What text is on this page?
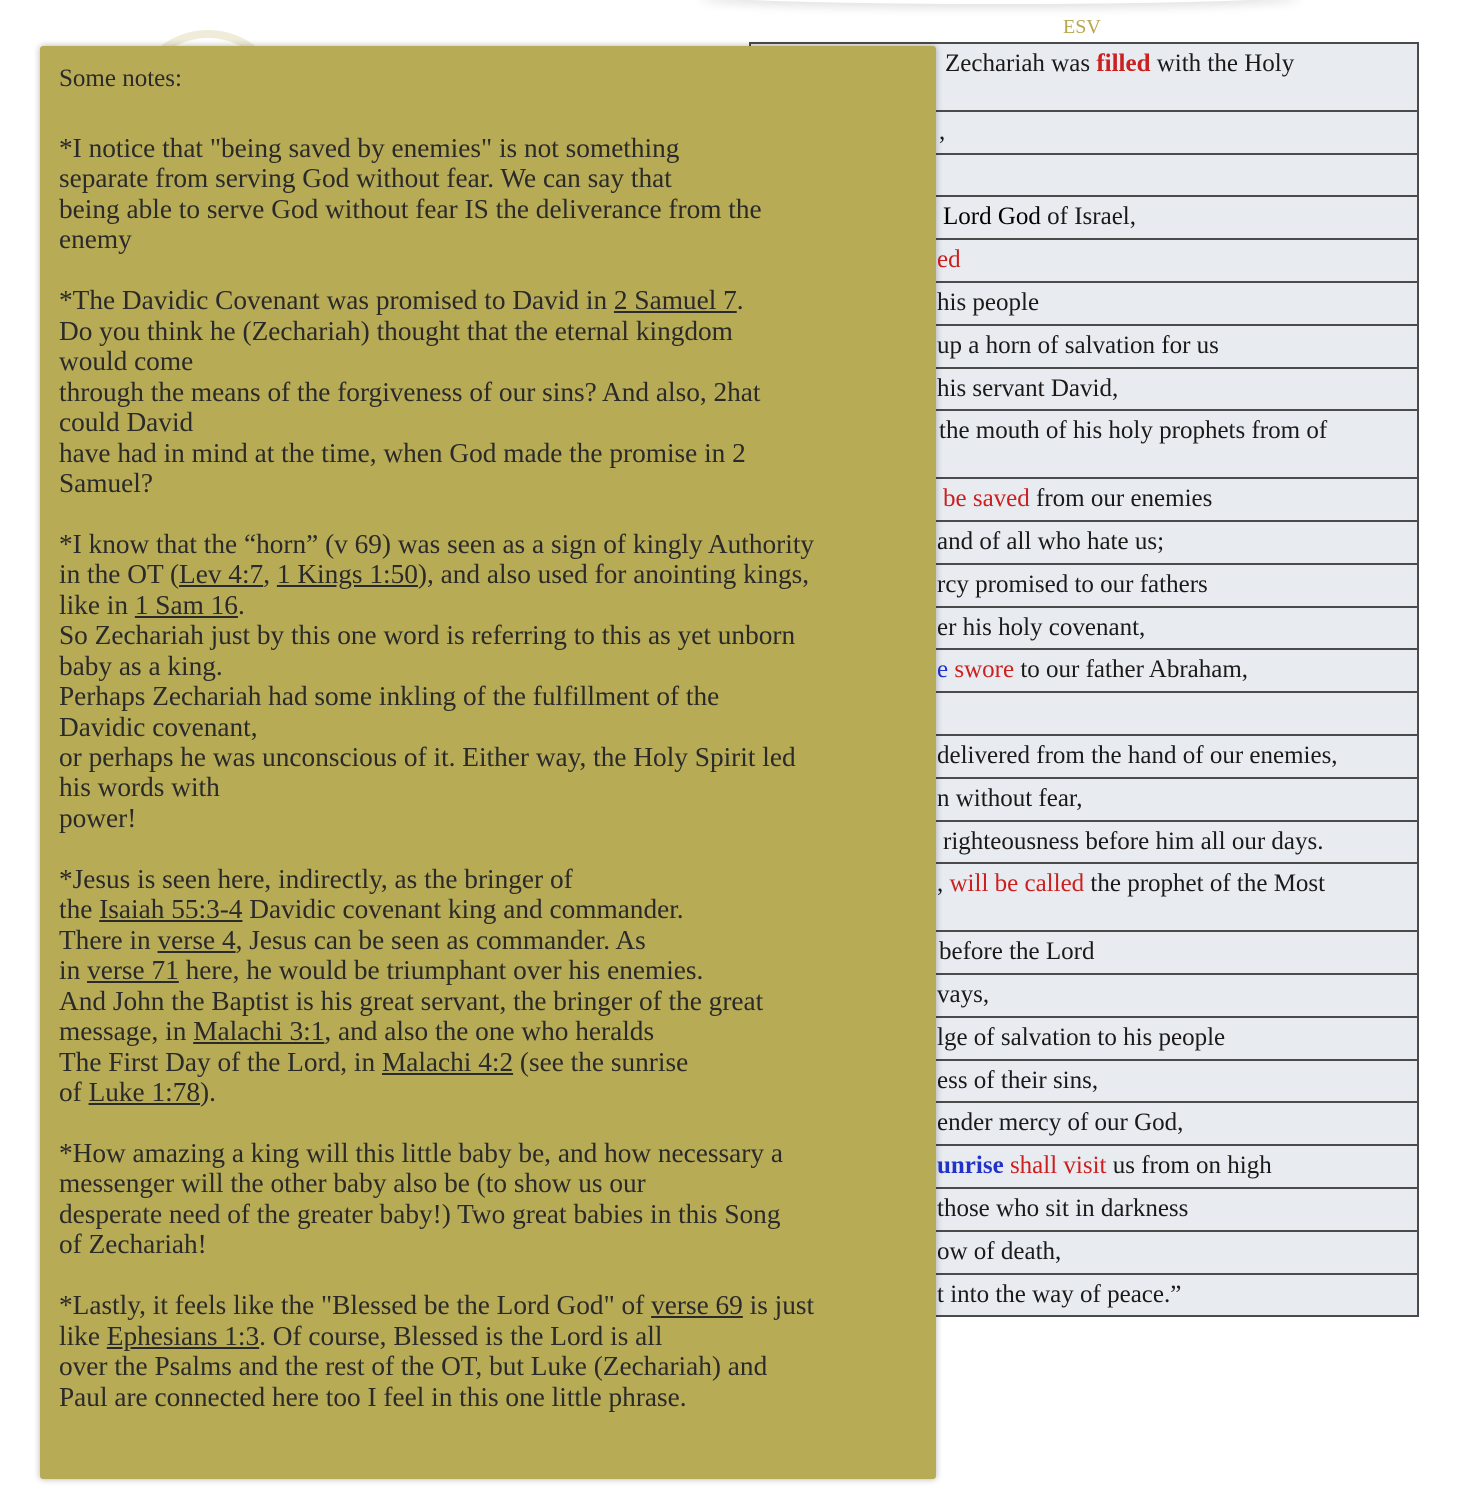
ESV
Zechariah was filled with the Holy
,
Lord God of Israel,
ed
his people
up a horn of salvation for us
his servant David,
the mouth of his holy prophets from of
be saved from our enemies
and of all who hate us;
rcy promised to our fathers
er his holy covenant,
e swore to our father Abraham,
delivered from the hand of our enemies,
n without fear,
righteousness before him all our days.
, will be called the prophet of the Most
before the Lord
vays,
lge of salvation to his people
ess of their sins,
ender mercy of our God,
unrise shall visit us from on high
those who sit in darkness
ow of death,
t into the way of peace.”
Some notes:
*I notice that "being saved by enemies" is not something
separate from serving God without fear. We can say that
being able to serve God without fear IS the deliverance from the
enemy
*The Davidic Covenant was promised to David in 2 Samuel 7.
Do you think he (Zechariah) thought that the eternal kingdom
would come
through the means of the forgiveness of our sins? And also, 2hat
could David
have had in mind at the time, when God made the promise in 2
Samuel?
*I know that the “horn” (v 69) was seen as a sign of kingly Authority
in the OT (Lev 4:7, 1 Kings 1:50), and also used for anointing kings,
like in 1 Sam 16.
So Zechariah just by this one word is referring to this as yet unborn
baby as a king.
Perhaps Zechariah had some inkling of the fulfillment of the
Davidic covenant,
or perhaps he was unconscious of it. Either way, the Holy Spirit led
his words with
power!
*Jesus is seen here, indirectly, as the bringer of
the Isaiah 55:3-4 Davidic covenant king and commander.
There in verse 4, Jesus can be seen as commander. As
in verse 71 here, he would be triumphant over his enemies.
And John the Baptist is his great servant, the bringer of the great
message, in Malachi 3:1, and also the one who heralds
The First Day of the Lord, in Malachi 4:2 (see the sunrise
of Luke 1:78).
*How amazing a king will this little baby be, and how necessary a
messenger will the other baby also be (to show us our
desperate need of the greater baby!) Two great babies in this Song
of Zechariah!
*Lastly, it feels like the "Blessed be the Lord God" of verse 69 is just
like Ephesians 1:3. Of course, Blessed is the Lord is all
over the Psalms and the rest of the OT, but Luke (Zechariah) and
Paul are connected here too I feel in this one little phrase.
